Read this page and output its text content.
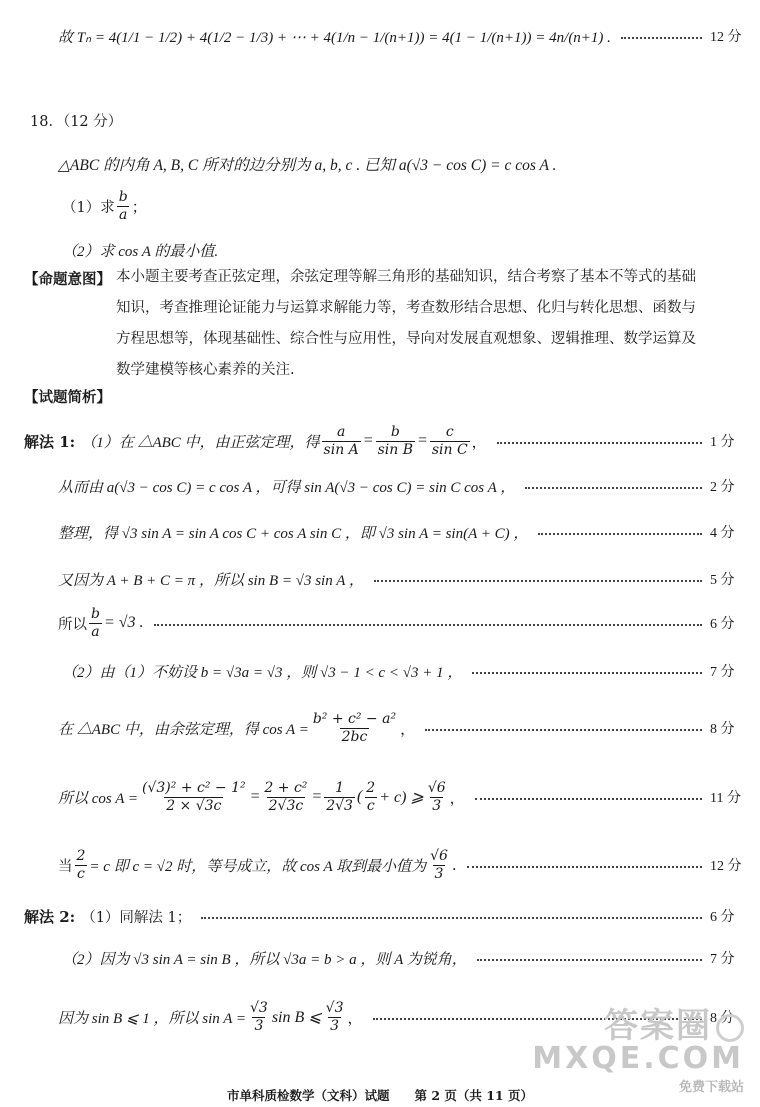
故 Tₙ = 4(1/1 − 1/2) + 4(1/2 − 1/3) + ⋯ + 4(1/n − 1/(n+1)) = 4(1 − 1/(n+1)) = 4n/(n+1) .	12 分
18．（12 分）
△ABC 的内角 A, B, C 所对的边分别为 a, b, c . 已知 a(√3 − cos C) = c cos A .
（1）求 $\frac{b}{a}$ ；
（2）求 cos A 的最小值.
【命题意图】 本小题主要考查正弦定理，余弦定理等解三角形的基础知识，结合考察了基本不等式的基础
知识，考查推理论证能力与运算求解能力等，考查数形结合思想、化归与转化思想、函数与
方程思想等，体现基础性、综合性与应用性，导向对发展直观想象、逻辑推理、数学运算及
数学建模等核心素养的关注.
【试题简析】
解法 1: （1）在 △ABC 中，由正弦定理，得 $\frac{a}{\text{sin A}} = \frac{b}{\text{sin B}} = \frac{c}{\text{sin C}}$ ，	1 分
从而由 a(√3 − cos C) = c cos A ，可得 sin A(√3 − cos C) = sin C cos A ，	2 分
整理，得 √3 sin A = sin A cos C + cos A sin C ，即 √3 sin A = sin(A + C) ，	4 分
又因为 A + B + C = π ，所以 sin B = √3 sin A ，	5 分
所以 $\frac{b}{a} = √3$ .	6 分
（2）由（1）不妨设 b = √3a = √3 ，则 √3 − 1 < c < √3 + 1 ，	7 分
在 △ABC 中，由余弦定理，得 $\cos A = \frac{\text{b² + c² − a²}}{2bc}$ ，	8 分
所以 $\cos A = \frac{\text{(√3)² + c² − 1²}}{2 \times √3c} = \frac{\text{2 + c²}}{2√3c} = \frac{1}{2√3}$ ( $\frac{2}{c} + c$) ⩾ $\frac{√6}{3}$ ，	11 分
当 $\frac{2}{c} = c$ 即 c = √2 时，等号成立，故 cos A 取到最小值为 $\frac{√6}{3}$ .	12 分
解法 2: （1）同解法 1；	6 分
（2）因为 √3 sin A = sin B ，所以 √3a = b > a ，则 A 为锐角，	7 分
因为 sin B ⩽ 1 ，所以 $\sin A = \frac{√3}{3}$ sin B ⩽ $\frac{√3}{3}$ ，	8 分
答案圈
MXQE.COM
免费下载站
市单科质检数学（文科）试题　　第 2 页（共 11 页）
